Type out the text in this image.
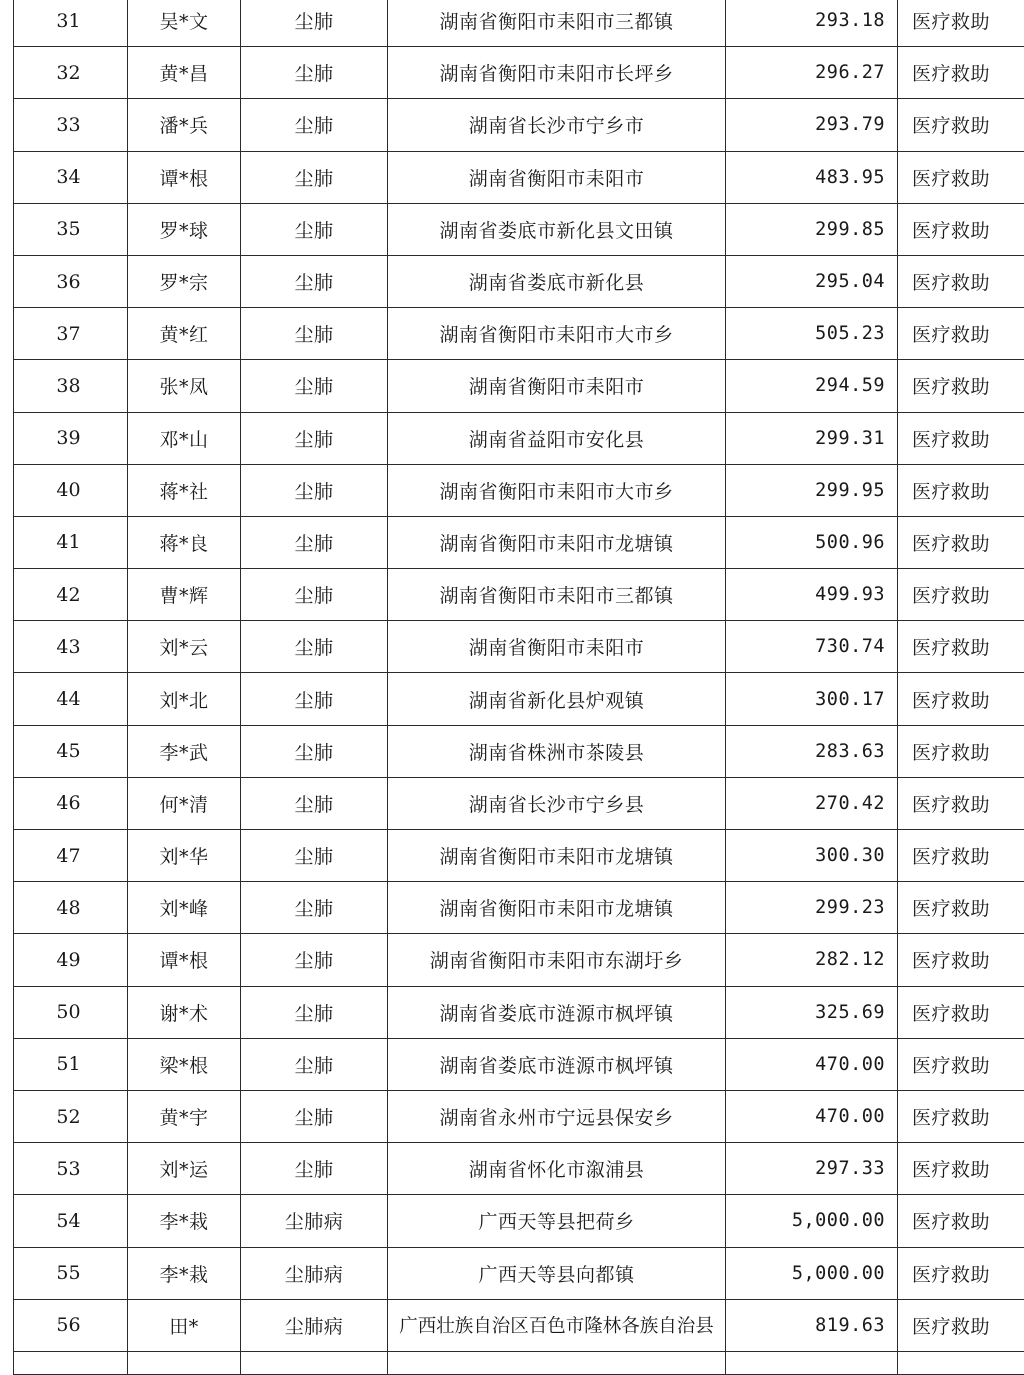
31	吴*文	尘肺	湖南省衡阳市耒阳市三都镇	293.18	医疗救助
32	黄*昌	尘肺	湖南省衡阳市耒阳市长坪乡	296.27	医疗救助
33	潘*兵	尘肺	湖南省长沙市宁乡市	293.79	医疗救助
34	谭*根	尘肺	湖南省衡阳市耒阳市	483.95	医疗救助
35	罗*球	尘肺	湖南省娄底市新化县文田镇	299.85	医疗救助
36	罗*宗	尘肺	湖南省娄底市新化县	295.04	医疗救助
37	黄*红	尘肺	湖南省衡阳市耒阳市大市乡	505.23	医疗救助
38	张*凤	尘肺	湖南省衡阳市耒阳市	294.59	医疗救助
39	邓*山	尘肺	湖南省益阳市安化县	299.31	医疗救助
40	蒋*社	尘肺	湖南省衡阳市耒阳市大市乡	299.95	医疗救助
41	蒋*良	尘肺	湖南省衡阳市耒阳市龙塘镇	500.96	医疗救助
42	曹*辉	尘肺	湖南省衡阳市耒阳市三都镇	499.93	医疗救助
43	刘*云	尘肺	湖南省衡阳市耒阳市	730.74	医疗救助
44	刘*北	尘肺	湖南省新化县炉观镇	300.17	医疗救助
45	李*武	尘肺	湖南省株洲市茶陵县	283.63	医疗救助
46	何*清	尘肺	湖南省长沙市宁乡县	270.42	医疗救助
47	刘*华	尘肺	湖南省衡阳市耒阳市龙塘镇	300.30	医疗救助
48	刘*峰	尘肺	湖南省衡阳市耒阳市龙塘镇	299.23	医疗救助
49	谭*根	尘肺	湖南省衡阳市耒阳市东湖圩乡	282.12	医疗救助
50	谢*术	尘肺	湖南省娄底市涟源市枫坪镇	325.69	医疗救助
51	梁*根	尘肺	湖南省娄底市涟源市枫坪镇	470.00	医疗救助
52	黄*宇	尘肺	湖南省永州市宁远县保安乡	470.00	医疗救助
53	刘*运	尘肺	湖南省怀化市溆浦县	297.33	医疗救助
54	李*栽	尘肺病	广西天等县把荷乡	5,000.00	医疗救助
55	李*栽	尘肺病	广西天等县向都镇	5,000.00	医疗救助
56	田*	尘肺病	广西壮族自治区百色市隆林各族自治县	819.63	医疗救助
